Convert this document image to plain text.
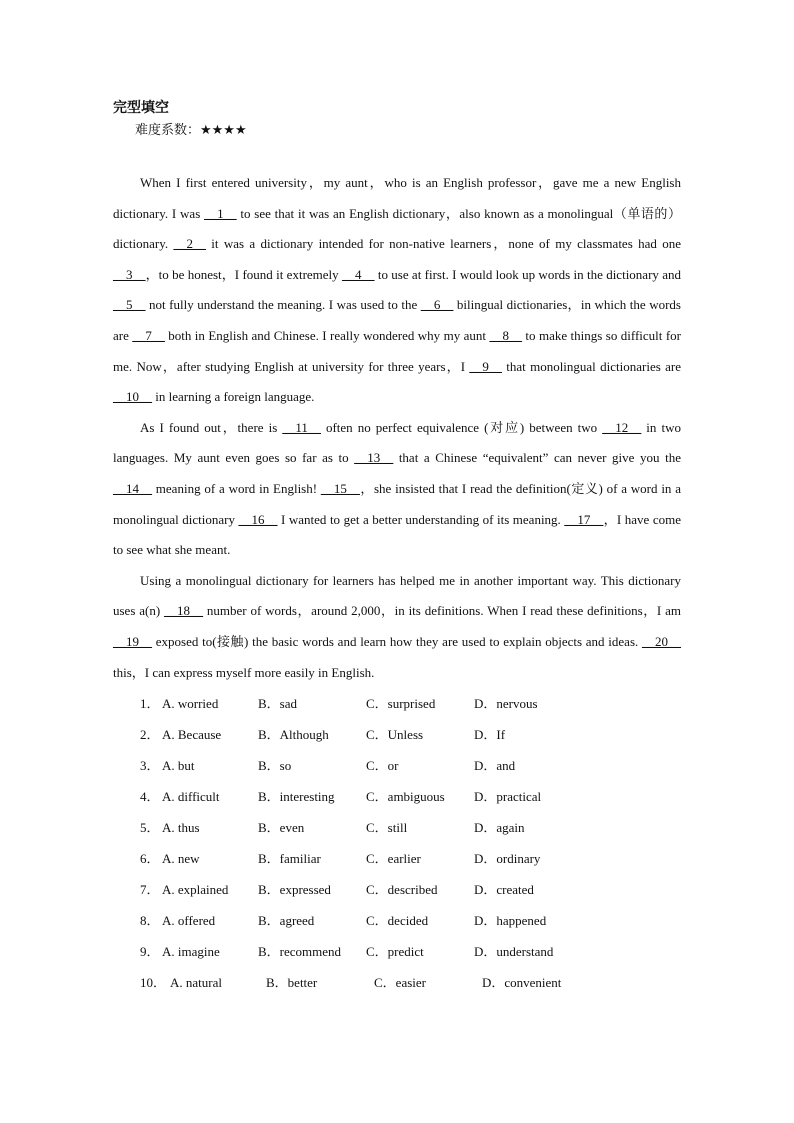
完型填空
难度系数：★★★★

When I first entered university，my aunt，who is an English professor，gave me a new English dictionary. I was __1__ to see that it was an English dictionary，also known as a monolingual（单语的） dictionary. __2__ it was a dictionary intended for non-native learners，none of my classmates had one __3__，to be honest，I found it extremely __4__ to use at first. I would look up words in the dictionary and __5__ not fully understand the meaning. I was used to the __6__ bilingual dictionaries，in which the words are __7__ both in English and Chinese. I really wondered why my aunt __8__ to make things so difficult for me. Now，after studying English at university for three years，I __9__ that monolingual dictionaries are __10__ in learning a foreign language.

As I found out，there is __11__ often no perfect equivalence (对应) between two __12__ in two languages. My aunt even goes so far as to __13__ that a Chinese “equivalent” can never give you the __14__ meaning of a word in English! __15__，she insisted that I read the definition(定义) of a word in a monolingual dictionary __16__ I wanted to get a better understanding of its meaning. __17__，I have come to see what she meant.

Using a monolingual dictionary for learners has helped me in another important way. This dictionary uses a(n) __18__ number of words，around 2,000，in its definitions. When I read these definitions，I am __19__ exposed to(接触) the basic words and learn how they are used to explain objects and ideas. __20__ this，I can express myself more easily in English.

1． A. worried	B．sad	C．surprised	D．nervous
2． A. Because	B．Although	C．Unless	D．If
3． A. but	B．so	C．or	D．and
4． A. difficult	B．interesting	C．ambiguous	D．practical
5． A. thus	B．even	C．still	D．again
6． A. new	B．familiar	C．earlier	D．ordinary
7． A. explained	B．expressed	C．described	D．created
8． A. offered	B．agreed	C．decided	D．happened
9． A. imagine	B．recommend	C．predict	D．understand
10． A. natural	B．better	C．easier	D．convenient
